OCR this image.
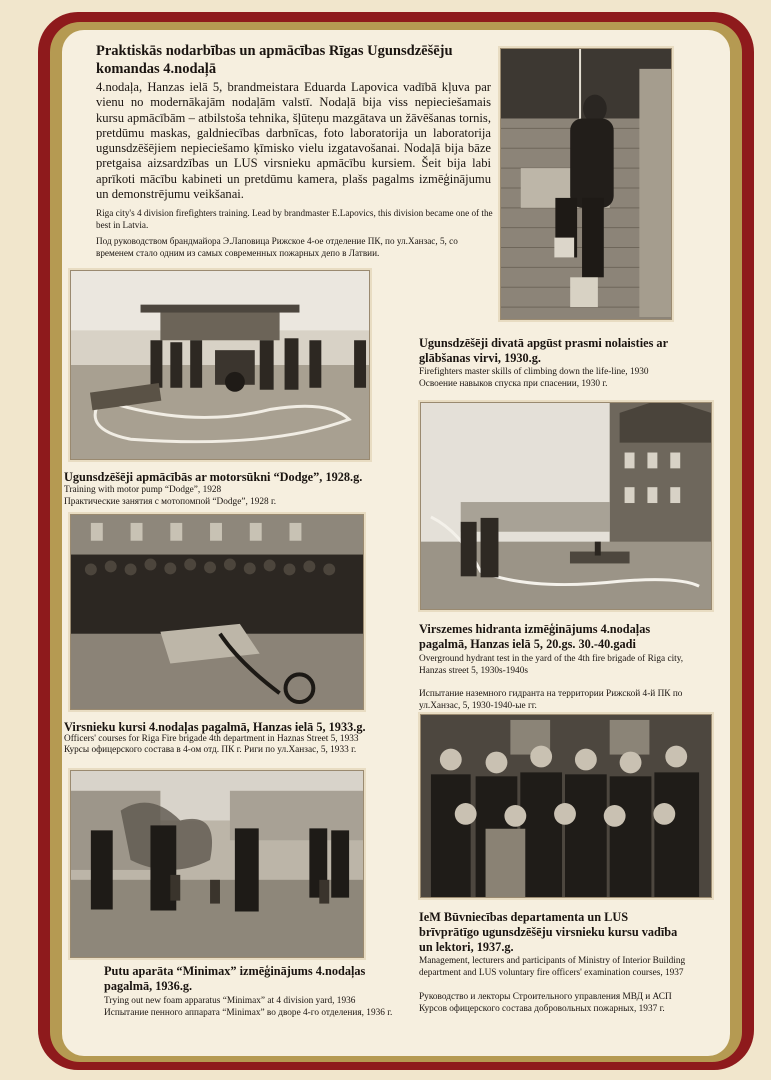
Praktiskās nodarbības un apmācības Rīgas Ugunsdzēšēju komandas 4.nodaļā
4.nodaļa, Hanzas ielā 5, brandmeistara Eduarda Lapovica vadībā kļuva par vienu no modernākajām nodaļām valstī. Nodaļā bija viss nepieciešamais kursu apmācībām – atbilstoša tehnika, šļūteņu mazgātava un žāvēšanas tornis, pretdūmu maskas, galdniecības darbnīcas, foto laboratorija un laboratorija ugunsdzēšējiem nepieciešamo ķīmisko vielu izgatavošanai. Nodaļā bija bāze pretgaisa aizsardzības un LUS virsnieku apmācību kursiem. Šeit bija labi aprīkoti mācību kabineti un pretdūmu kamera, plašs pagalms izmēģinājumu un demonstrējumu veikšanai.
Riga city's 4 division firefighters training. Lead by brandmaster E.Lapovics, this division became one of the best in Latvia.
Под руководством брандмайора Э.Лаповица Рижское 4-ое отделение ПК, по ул.Ханзас, 5, со временем стало одним из самых современных пожарных депо в Латвии.
Ugunsdzēšēji divatā apgūst prasmi nolaisties ar glābšanas virvi, 1930.g.
Firefighters master skills of climbing down the life-line, 1930
Освоение навыков спуска при спасении, 1930 г.
Ugunsdzēšēji apmācībās ar motorsūkni “Dodge”, 1928.g.
Training with motor pump “Dodge”, 1928
Практические занятия с мотопомпой “Dodge”, 1928 г.
Virszemes hidranta izmēģinājums 4.nodaļas pagalmā, Hanzas ielā 5, 20.gs. 30.-40.gadi
Overground hydrant test in the yard of the 4th fire brigade of Riga city, Hanzas street 5, 1930s-1940s
Испытание наземного гидранта на территории Рижской 4-й ПК по ул.Ханзас, 5, 1930-1940-ые гг.
Virsnieku kursi 4.nodaļas pagalmā, Hanzas ielā 5, 1933.g.
Officers' courses for Riga Fire brigade 4th department in Haznas Street 5, 1933
Курсы офицерского состава в 4-ом отд. ПК г. Риги по ул.Ханзас, 5, 1933 г.
IeM Būvniecības departamenta un LUS brīvprātīgo ugunsdzēšēju virsnieku kursu vadība un lektori, 1937.g.
Management, lecturers and participants of Ministry of Interior Building department and LUS voluntary fire officers' examination courses, 1937
Руководство и лекторы Строительного управления МВД и АСП Курсов офицерского состава добровольных пожарных, 1937 г.
Putu aparāta “Minimax” izmēģinājums 4.nodaļas pagalmā, 1936.g.
Trying out new foam apparatus “Minimax” at 4 division yard, 1936
Испытание пенного аппарата “Minimax” во дворе 4-го отделения, 1936 г.
